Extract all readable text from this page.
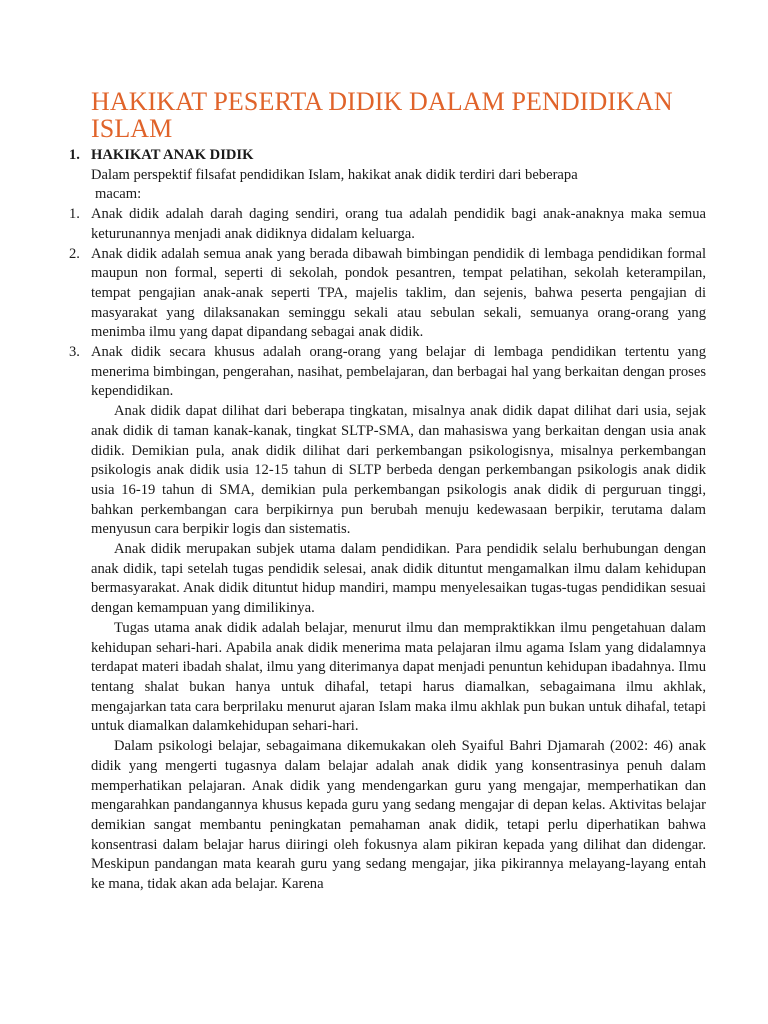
HAKIKAT PESERTA DIDIK DALAM PENDIDIKAN ISLAM
1. HAKIKAT ANAK DIDIK
Dalam perspektif filsafat pendidikan Islam, hakikat anak didik terdiri dari beberapa
macam:
1. Anak didik adalah darah daging sendiri, orang tua adalah pendidik bagi anak-anaknya maka semua keturunannya menjadi anak didiknya didalam keluarga.
2. Anak didik adalah semua anak yang berada dibawah bimbingan pendidik di lembaga pendidikan formal maupun non formal, seperti di sekolah, pondok pesantren, tempat pelatihan, sekolah keterampilan, tempat pengajian anak-anak seperti TPA, majelis taklim, dan sejenis, bahwa peserta pengajian di masyarakat yang dilaksanakan seminggu sekali atau sebulan sekali, semuanya orang-orang yang menimba ilmu yang dapat dipandang sebagai anak didik.
3. Anak didik secara khusus adalah orang-orang yang belajar di lembaga pendidikan tertentu yang menerima bimbingan, pengerahan, nasihat, pembelajaran, dan berbagai hal yang berkaitan dengan proses kependidikan.
Anak didik dapat dilihat dari beberapa tingkatan, misalnya anak didik dapat dilihat dari usia, sejak anak didik di taman kanak-kanak, tingkat SLTP-SMA, dan mahasiswa yang berkaitan dengan usia anak didik. Demikian pula, anak didik dilihat dari perkembangan psikologisnya, misalnya perkembangan psikologis anak didik usia 12-15 tahun di SLTP berbeda dengan perkembangan psikologis anak didik usia 16-19 tahun di SMA, demikian pula perkembangan psikologis anak didik di perguruan tinggi, bahkan perkembangan cara berpikirnya pun berubah menuju kedewasaan berpikir, terutama dalam menyusun cara berpikir logis dan sistematis.
Anak didik merupakan subjek utama dalam pendidikan. Para pendidik selalu berhubungan dengan anak didik, tapi setelah tugas pendidik selesai, anak didik dituntut mengamalkan ilmu dalam kehidupan bermasyarakat. Anak didik dituntut hidup mandiri, mampu menyelesaikan tugas-tugas pendidikan sesuai dengan kemampuan yang dimilikinya.
Tugas utama anak didik adalah belajar, menurut ilmu dan mempraktikkan ilmu pengetahuan dalam kehidupan sehari-hari. Apabila anak didik menerima mata pelajaran ilmu agama Islam yang didalamnya terdapat materi ibadah shalat, ilmu yang diterimanya dapat menjadi penuntun kehidupan ibadahnya. Ilmu tentang shalat bukan hanya untuk dihafal, tetapi harus diamalkan, sebagaimana ilmu akhlak, mengajarkan tata cara berprilaku menurut ajaran Islam maka ilmu akhlak pun bukan untuk dihafal, tetapi untuk diamalkan dalamkehidupan sehari-hari.
Dalam psikologi belajar, sebagaimana dikemukakan oleh Syaiful Bahri Djamarah (2002: 46) anak didik yang mengerti tugasnya dalam belajar adalah anak didik yang konsentrasinya penuh dalam memperhatikan pelajaran. Anak didik yang mendengarkan guru yang mengajar, memperhatikan dan mengarahkan pandangannya khusus kepada guru yang sedang mengajar di depan kelas. Aktivitas belajar demikian sangat membantu peningkatan pemahaman anak didik, tetapi perlu diperhatikan bahwa konsentrasi dalam belajar harus diiringi oleh fokusnya alam pikiran kepada yang dilihat dan didengar. Meskipun pandangan mata kearah guru yang sedang mengajar, jika pikirannya melayang-layang entah ke mana, tidak akan ada belajar. Karena
